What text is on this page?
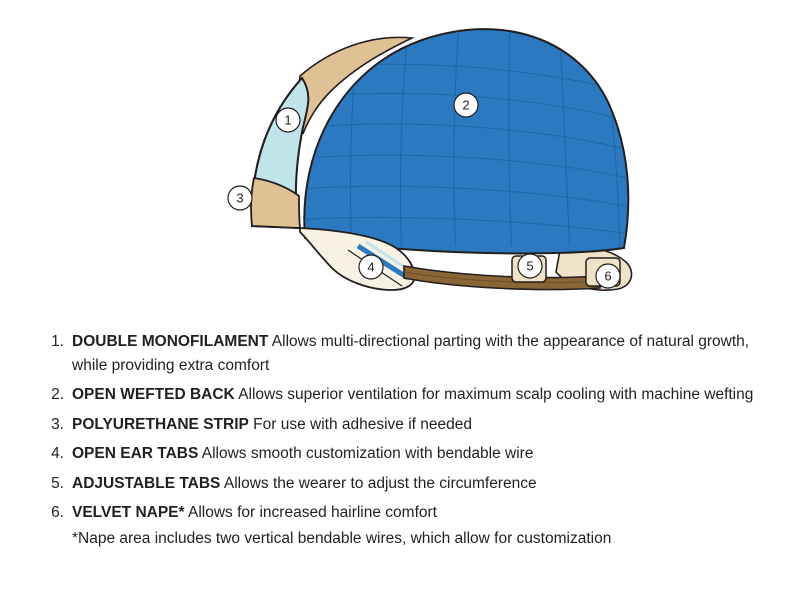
1
2
3
4	5
6
1. DOUBLE MONOFILAMENT Allows multi-directional parting with the appearance of natural growth, while providing extra comfort
2. OPEN WEFTED BACK Allows superior ventilation for maximum scalp cooling with machine wefting
3. POLYURETHANE STRIP For use with adhesive if needed
4. OPEN EAR TABS Allows smooth customization with bendable wire
5. ADJUSTABLE TABS Allows the wearer to adjust the circumference
6. VELVET NAPE* Allows for increased hairline comfort
*Nape area includes two vertical bendable wires, which allow for customization
